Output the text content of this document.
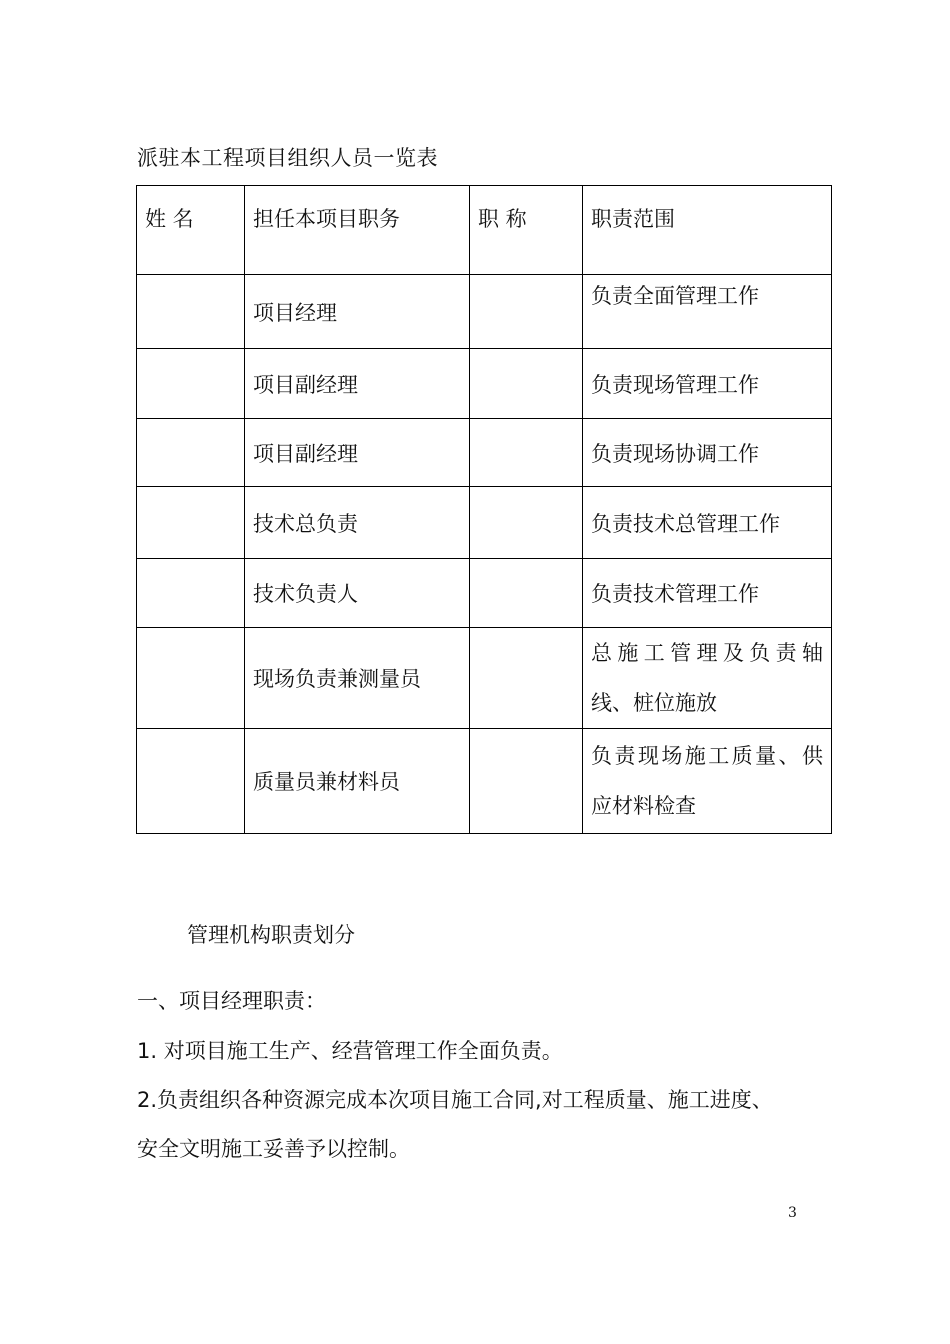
派驻本工程项目组织人员一览表
姓 名	担任本项目职务	职 称	职责范围
	项目经理		负责全面管理工作
	项目副经理		负责现场管理工作
	项目副经理		负责现场协调工作
	技术总负责		负责技术总管理工作
	技术负责人		负责技术管理工作
	现场负责兼测量员		总施工管理及负责轴
线、桩位施放

	质量员兼材料员		负责现场施工质量、供
应材料检查
管理机构职责划分
一、项目经理职责：
1. 对项目施工生产、经营管理工作全面负责。
2.负责组织各种资源完成本次项目施工合同,对工程质量、施工进度、
安全文明施工妥善予以控制。
3
